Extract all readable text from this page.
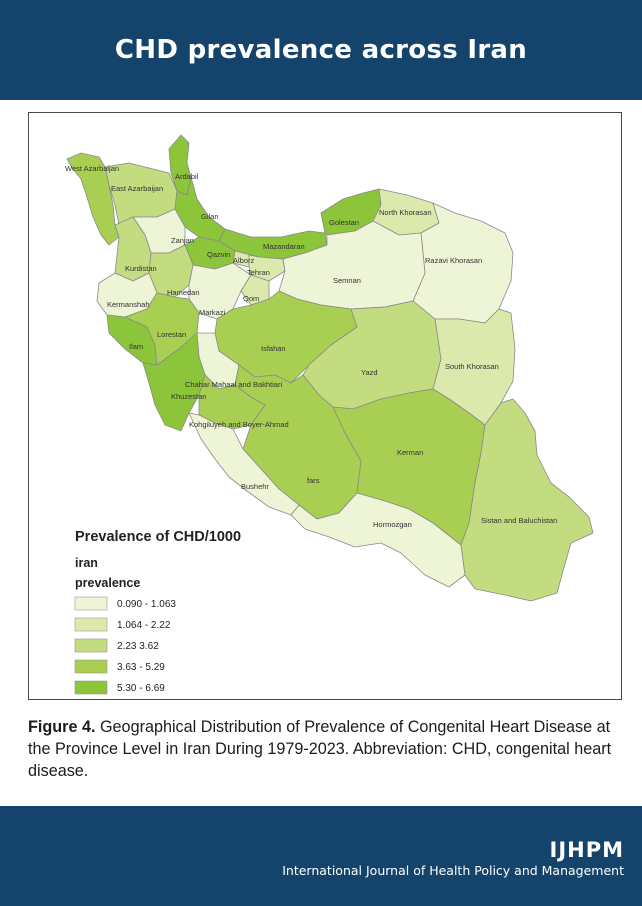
CHD prevalence across Iran
West Azarbaijan
Ardabil
East Azarbaijan
Gilan
Golestan
North Khorasan
Zanjan
Mazandaran
Qazvin
Alborz
Tehran
Semnan
Razavi Khorasan
Kurdistan
Hamedan
Qom
Kermanshah
Markazi
Lorestan
Ilam	Isfahan
South Khorasan
Yazd
Chahar Mahaal and Bakhtiari
Khuzestan
Kohgiluyeh and Boyer-Ahmad
Kerman
fars
Bushehr
Hormozgan	Sistan and Baluchistan
Prevalence of CHD/1000
iran
prevalence
0.090 - 1.063
1.064 - 2.22
2.23 3.62
3.63 - 5.29
5.30 - 6.69
Figure 4. Geographical Distribution of Prevalence of Congenital Heart Disease at the Province Level in Iran During 1979-2023. Abbreviation: CHD, congenital heart disease.
IJHPM
International Journal of Health Policy and Management
